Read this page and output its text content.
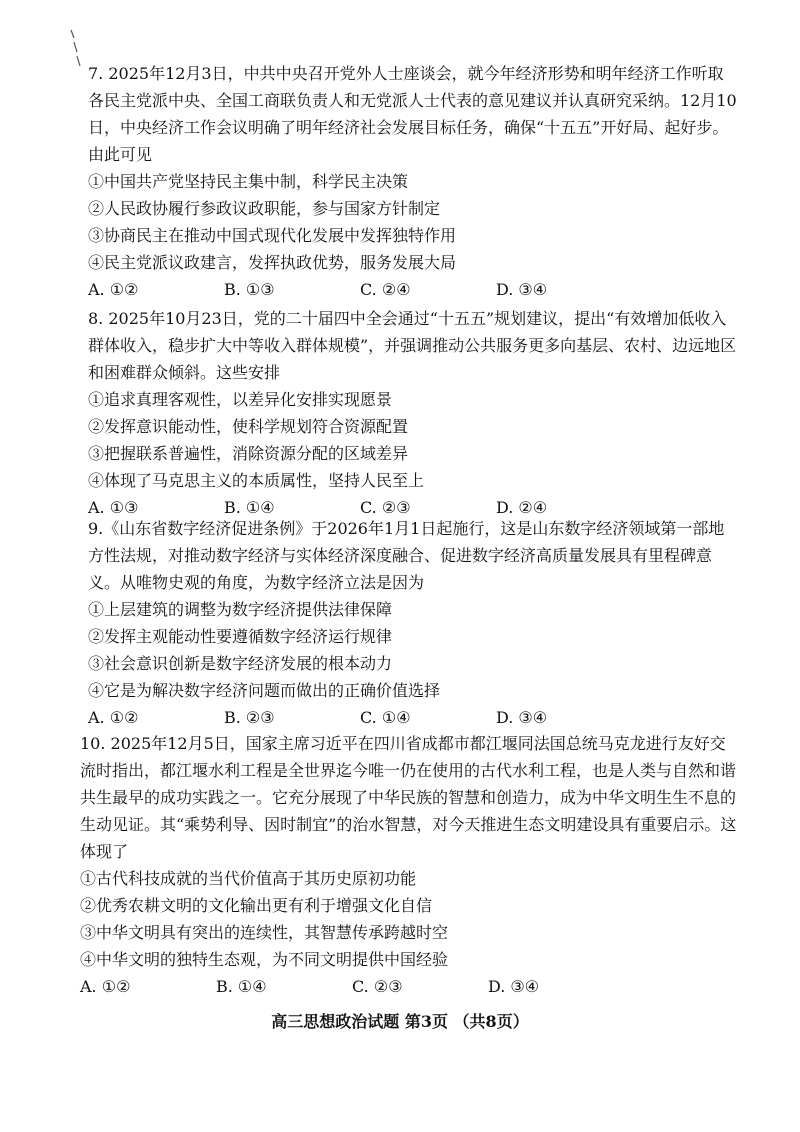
7. 2025年12月3日，中共中央召开党外人士座谈会，就今年经济形势和明年经济工作听取各民主党派中央、全国工商联负责人和无党派人士代表的意见建议并认真研究采纳。12月10日，中央经济工作会议明确了明年经济社会发展目标任务，确保“十五五”开好局、起好步。由此可见

①中国共产党坚持民主集中制，科学民主决策

②人民政协履行参政议政职能，参与国家方针制定

③协商民主在推动中国式现代化发展中发挥独特作用

④民主党派议政建言，发挥执政优势，服务发展大局

A. ①②	B. ①③	C. ②④	D. ③④

8. 2025年10月23日，党的二十届四中全会通过“十五五”规划建议，提出“有效增加低收入群体收入，稳步扩大中等收入群体规模”，并强调推动公共服务更多向基层、农村、边远地区和困难群众倾斜。这些安排

①追求真理客观性，以差异化安排实现愿景

②发挥意识能动性，使科学规划符合资源配置

③把握联系普遍性，消除资源分配的区域差异

④体现了马克思主义的本质属性，坚持人民至上

A. ①③	B. ①④	C. ②③	D. ②④

9.《山东省数字经济促进条例》于2026年1月1日起施行，这是山东数字经济领域第一部地方性法规，对推动数字经济与实体经济深度融合、促进数字经济高质量发展具有里程碑意义。从唯物史观的角度，为数字经济立法是因为

①上层建筑的调整为数字经济提供法律保障

②发挥主观能动性要遵循数字经济运行规律

③社会意识创新是数字经济发展的根本动力

④它是为解决数字经济问题而做出的正确价值选择

A. ①②	B. ②③	C. ①④	D. ③④

10. 2025年12月5日，国家主席习近平在四川省成都市都江堰同法国总统马克龙进行友好交流时指出，都江堰水利工程是全世界迄今唯一仍在使用的古代水利工程，也是人类与自然和谐共生最早的成功实践之一。它充分展现了中华民族的智慧和创造力，成为中华文明生生不息的生动见证。其“乘势利导、因时制宜”的治水智慧，对今天推进生态文明建设具有重要启示。这体现了

①古代科技成就的当代价值高于其历史原初功能

②优秀农耕文明的文化输出更有利于增强文化自信

③中华文明具有突出的连续性，其智慧传承跨越时空

④中华文明的独特生态观，为不同文明提供中国经验

A. ①②	B. ①④	C. ②③	D. ③④
高三思想政治试题 第3页 （共8页）
